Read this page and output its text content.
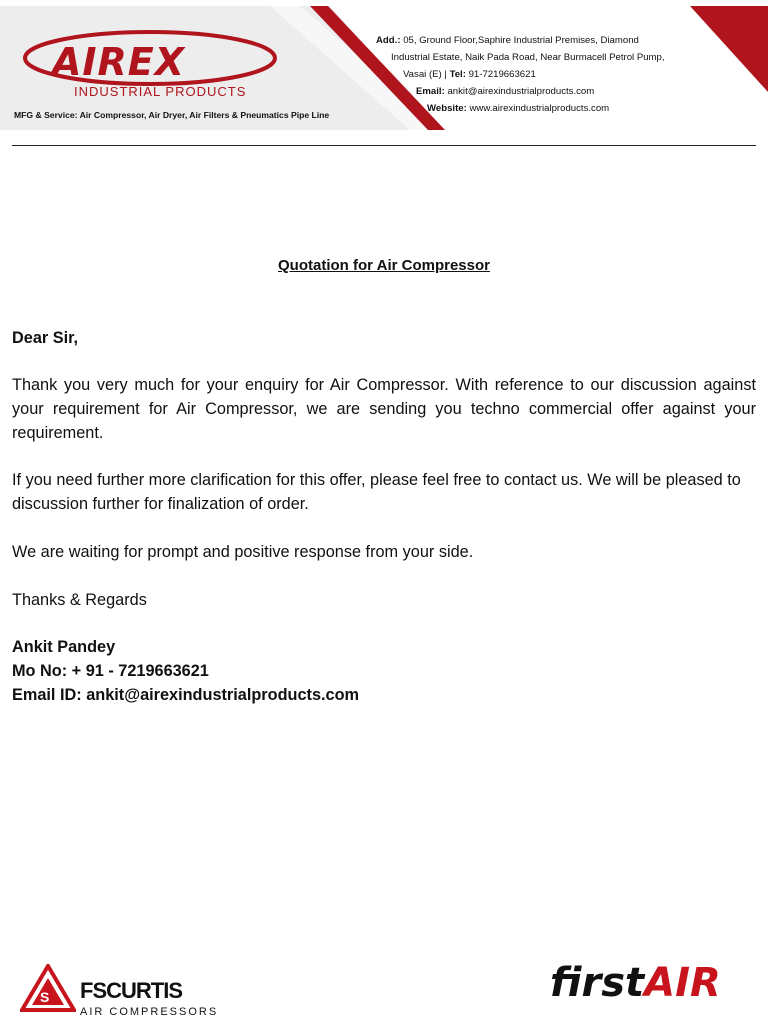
AIREX
INDUSTRIAL PRODUCTS
MFG & Service: Air Compressor, Air Dryer, Air Filters & Pneumatics Pipe Line
Add.: 05, Ground Floor,Saphire Industrial Premises, Diamond
Industrial Estate, Naik Pada Road, Near Burmacell Petrol Pump,
Vasai (E) | Tel: 91-7219663621
Email: ankit@airexindustrialproducts.com
Website: www.airexindustrialproducts.com
Quotation for Air Compressor
Dear Sir,
Thank you very much for your enquiry for Air Compressor. With reference to our discussion against your requirement for Air Compressor, we are sending you techno commercial offer against your requirement.
If you need further more clarification for this offer, please feel free to contact us. We will be pleased to discussion further for finalization of order.
We are waiting for prompt and positive response from your side.
Thanks & Regards
Ankit Pandey
Mo No: + 91 - 7219663621
Email ID: ankit@airexindustrialproducts.com
S FSCURTIS
AIR COMPRESSORS
firstAIR
